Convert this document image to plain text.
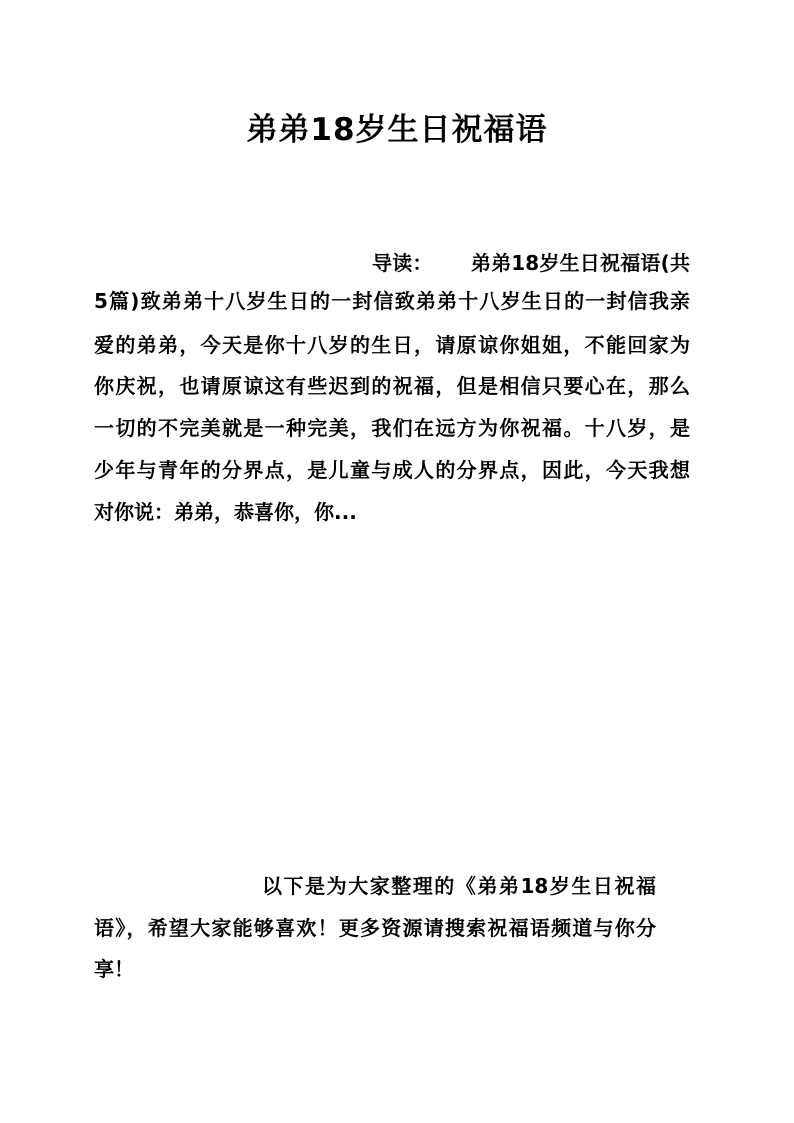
弟弟18岁生日祝福语
导读： 弟弟18岁生日祝福语(共
5篇)致弟弟十八岁生日的一封信致弟弟十八岁生日的一封信我亲
爱的弟弟，今天是你十八岁的生日，请原谅你姐姐，不能回家为
你庆祝，也请原谅这有些迟到的祝福，但是相信只要心在，那么
一切的不完美就是一种完美，我们在远方为你祝福。十八岁，是
少年与青年的分界点，是儿童与成人的分界点，因此，今天我想
对你说：弟弟，恭喜你，你...
以下是为大家整理的《弟弟18岁生日祝福
语》，希望大家能够喜欢！更多资源请搜索祝福语频道与你分
享！
